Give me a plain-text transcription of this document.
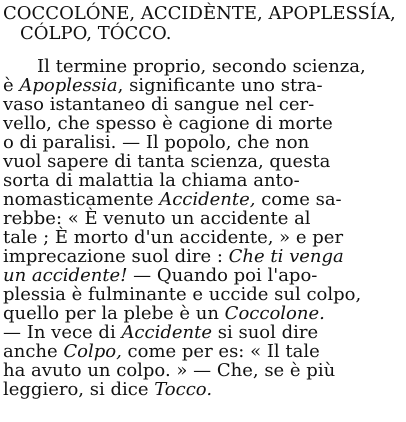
COCCOLÓNE, ACCIDÈNTE, APOPLESSÍA,
CÓLPO, TÓCCO.
Il termine proprio, secondo scienza,
è Apoplessia, significante uno stra-
vaso istantaneo di sangue nel cer-
vello, che spesso è cagione di morte
o di paralisi. — Il popolo, che non
vuol sapere di tanta scienza, questa
sorta di malattia la chiama anto-
nomasticamente Accidente, come sa-
rebbe: « È venuto un accidente al
tale ; È morto d'un accidente, » e per
imprecazione suol dire : Che ti venga
un accidente! — Quando poi l'apo-
plessia è fulminante e uccide sul colpo,
quello per la plebe è un Coccolone.
— In vece di Accidente si suol dire
anche Colpo, come per es: « Il tale
ha avuto un colpo. » — Che, se è più
leggiero, si dice Tocco.
